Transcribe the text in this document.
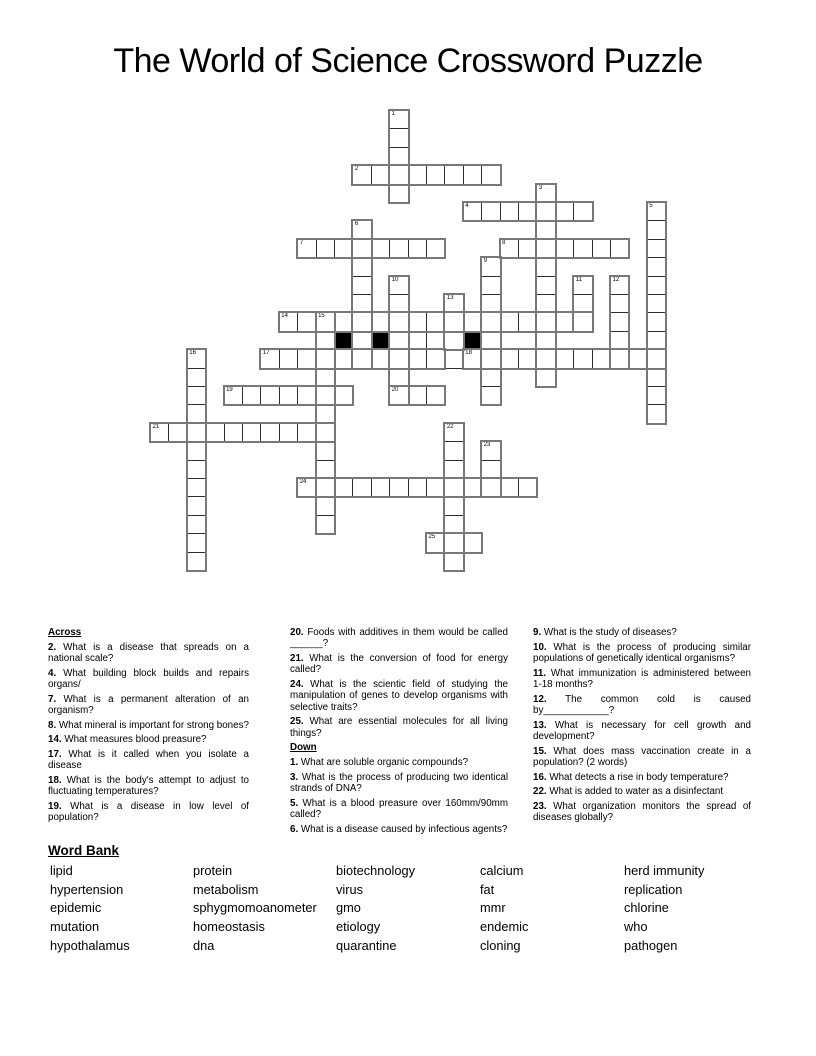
The World of Science Crossword Puzzle
1
2
3
4	5
6
7	8
9
10
20
11	12
13
14	15
16	17	18
19
21	22
23
24
25
Across

2. What is a disease that spreads on a national scale?

4. What building block builds and repairs organs/

7. What is a permanent alteration of an organism?

8. What mineral is important for strong bones?

14. What measures blood preasure?

17. What is it called when you isolate a disease

18. What is the body's attempt to adjust to fluctuating temperatures?

19. What is a disease in low level of population?

20. Foods with additives in them would be called ______?

21. What is the conversion of food for energy called?

24. What is the scientic field of studying the manipulation of genes to develop organisms with selective traits?

25. What are essential molecules for all living things?

Down

1. What are soluble organic compounds?

3. What is the process of producing two identical strands of DNA?

5. What is a blood preasure over 160mm/90mm called?

6. What is a disease caused by infectious agents?

9. What is the study of diseases?

10. What is the process of producing similar populations of genetically identical organisms?

11. What immunization is administered between 1-18 months?

12. The common cold is caused by____________?

13. What is necessary for cell growth and development?

15. What does mass vaccination create in a population? (2 words)

16. What detects a rise in body temperature?

22. What is added to water as a disinfectant

23. What organization monitors the spread of diseases globally?

Word Bank

lipid
hypertension
epidemic
mutation
hypothalamus
protein
metabolism
sphygmomoanometer
homeostasis
dna
biotechnology
virus
gmo
etiology
quarantine
calcium
fat
mmr
endemic
cloning
herd immunity
replication
chlorine
who
pathogen
